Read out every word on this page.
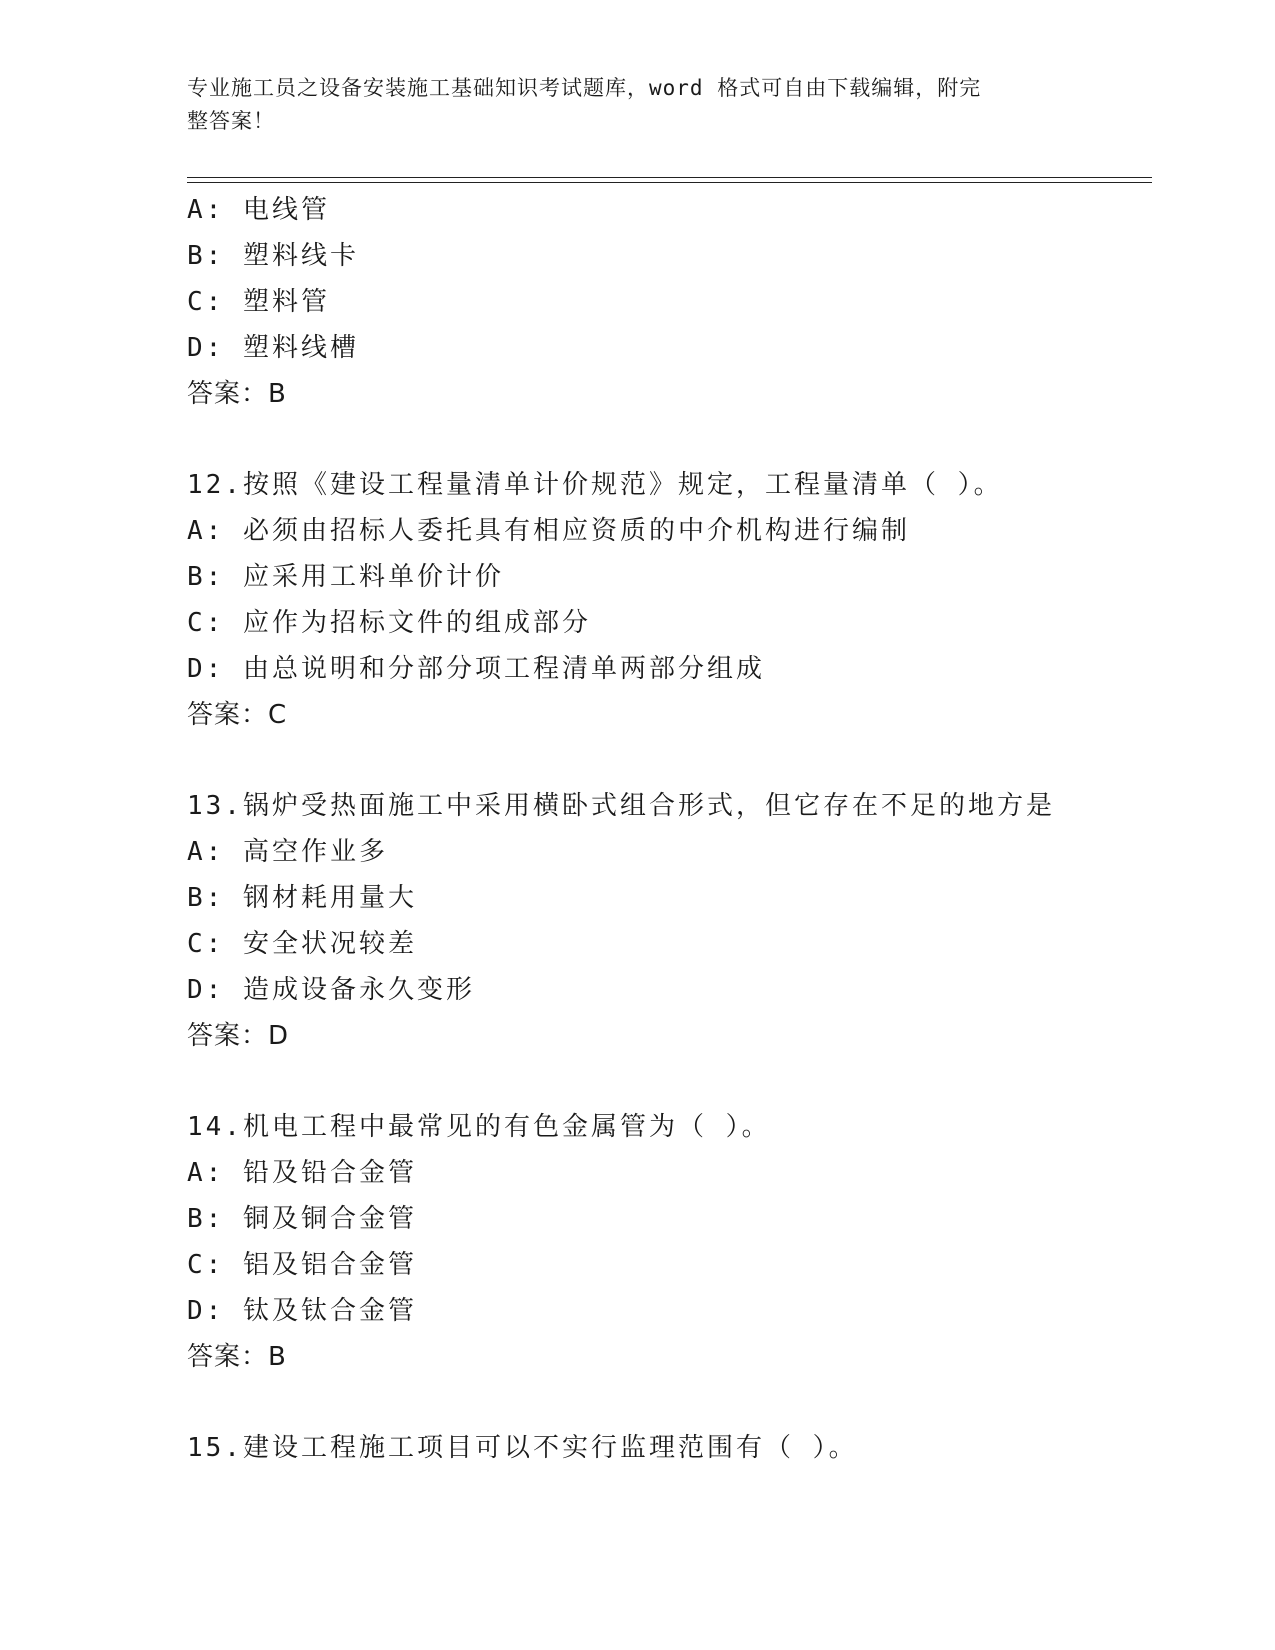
专业施工员之设备安装施工基础知识考试题库，word 格式可自由下载编辑，附完
整答案！
A: 电线管
B: 塑料线卡
C: 塑料管
D: 塑料线槽
答案：B
12.按照《建设工程量清单计价规范》规定，工程量清单（ ）。
A: 必须由招标人委托具有相应资质的中介机构进行编制
B: 应采用工料单价计价
C: 应作为招标文件的组成部分
D: 由总说明和分部分项工程清单两部分组成
答案：C
13.锅炉受热面施工中采用横卧式组合形式，但它存在不足的地方是
A: 高空作业多
B: 钢材耗用量大
C: 安全状况较差
D: 造成设备永久变形
答案：D
14.机电工程中最常见的有色金属管为（ ）。
A: 铅及铅合金管
B: 铜及铜合金管
C: 铝及铝合金管
D: 钛及钛合金管
答案：B
15.建设工程施工项目可以不实行监理范围有（ ）。
